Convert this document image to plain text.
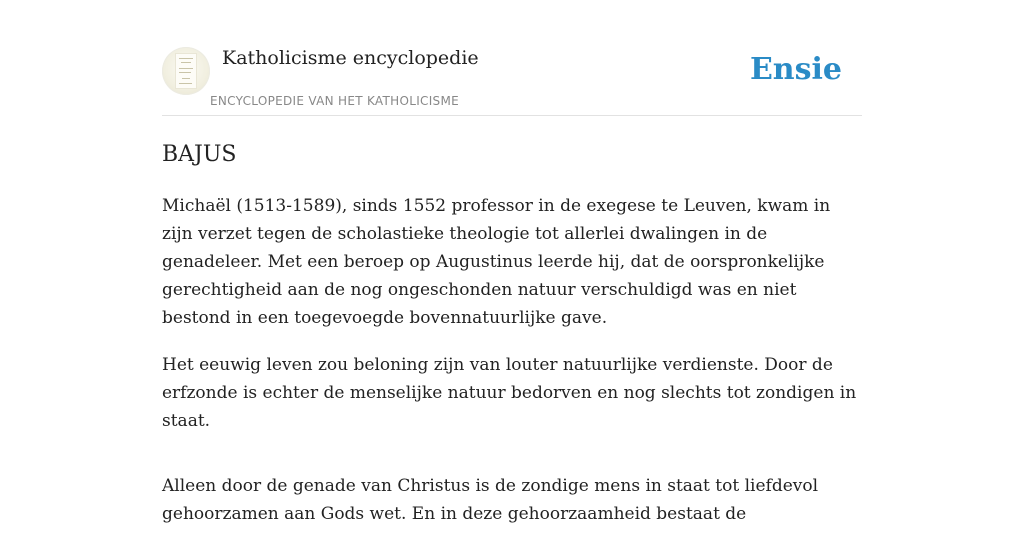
Katholicisme encyclopedie
ENCYCLOPEDIE VAN HET KATHOLICISME
Ensie
BAJUS

Michaël (1513-1589), sinds 1552 professor in de exegese te Leuven, kwam in zijn verzet tegen de scholastieke theologie tot allerlei dwalingen in de genadeleer. Met een beroep op Augustinus leerde hij, dat de oorspronkelijke gerechtigheid aan de nog ongeschonden natuur verschuldigd was en niet bestond in een toegevoegde bovennatuurlijke gave.

Het eeuwig leven zou beloning zijn van louter natuurlijke verdienste. Door de erfzonde is echter de menselijke natuur bedorven en nog slechts tot zondigen in staat.

Alleen door de genade van Christus is de zondige mens in staat tot liefdevol gehoorzamen aan Gods wet. En in deze gehoorzaamheid bestaat de
